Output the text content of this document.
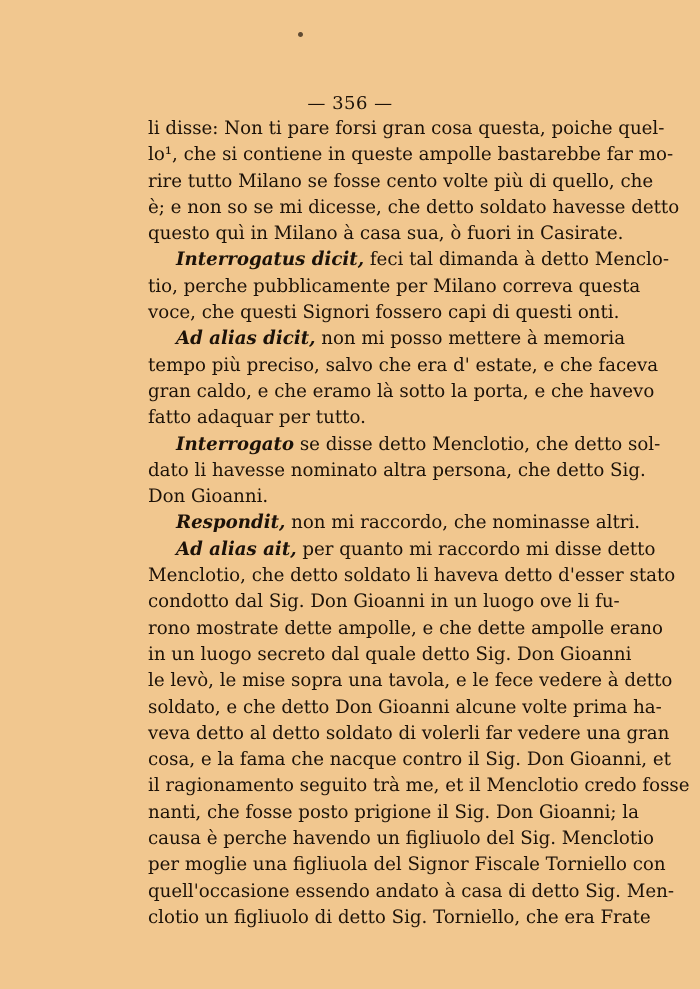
— 356 —
li disse: Non ti pare forsi gran cosa questa, poiche quel-
lo¹, che si contiene in queste ampolle bastarebbe far mo-
rire tutto Milano se fosse cento volte più di quello, che
è; e non so se mi dicesse, che detto soldato havesse detto
questo quì in Milano à casa sua, ò fuori in Casirate.
Interrogatus dicit, feci tal dimanda à detto Menclo-
tio, perche pubblicamente per Milano correva questa
voce, che questi Signori fossero capi di questi onti.
Ad alias dicit, non mi posso mettere à memoria
tempo più preciso, salvo che era d' estate, e che faceva
gran caldo, e che eramo là sotto la porta, e che havevo
fatto adaquar per tutto.
Interrogato se disse detto Menclotio, che detto sol-
dato li havesse nominato altra persona, che detto Sig.
Don Gioanni.
Respondit, non mi raccordo, che nominasse altri.
Ad alias ait, per quanto mi raccordo mi disse detto
Menclotio, che detto soldato li haveva detto d'esser stato
condotto dal Sig. Don Gioanni in un luogo ove li fu-
rono mostrate dette ampolle, e che dette ampolle erano
in un luogo secreto dal quale detto Sig. Don Gioanni
le levò, le mise sopra una tavola, e le fece vedere à detto
soldato, e che detto Don Gioanni alcune volte prima ha-
veva detto al detto soldato di volerli far vedere una gran
cosa, e la fama che nacque contro il Sig. Don Gioanni, et
il ragionamento seguito trà me, et il Menclotio credo fosse
nanti, che fosse posto prigione il Sig. Don Gioanni; la
causa è perche havendo un figliuolo del Sig. Menclotio
per moglie una figliuola del Signor Fiscale Torniello con
quell'occasione essendo andato à casa di detto Sig. Men-
clotio un figliuolo di detto Sig. Torniello, che era Frate
